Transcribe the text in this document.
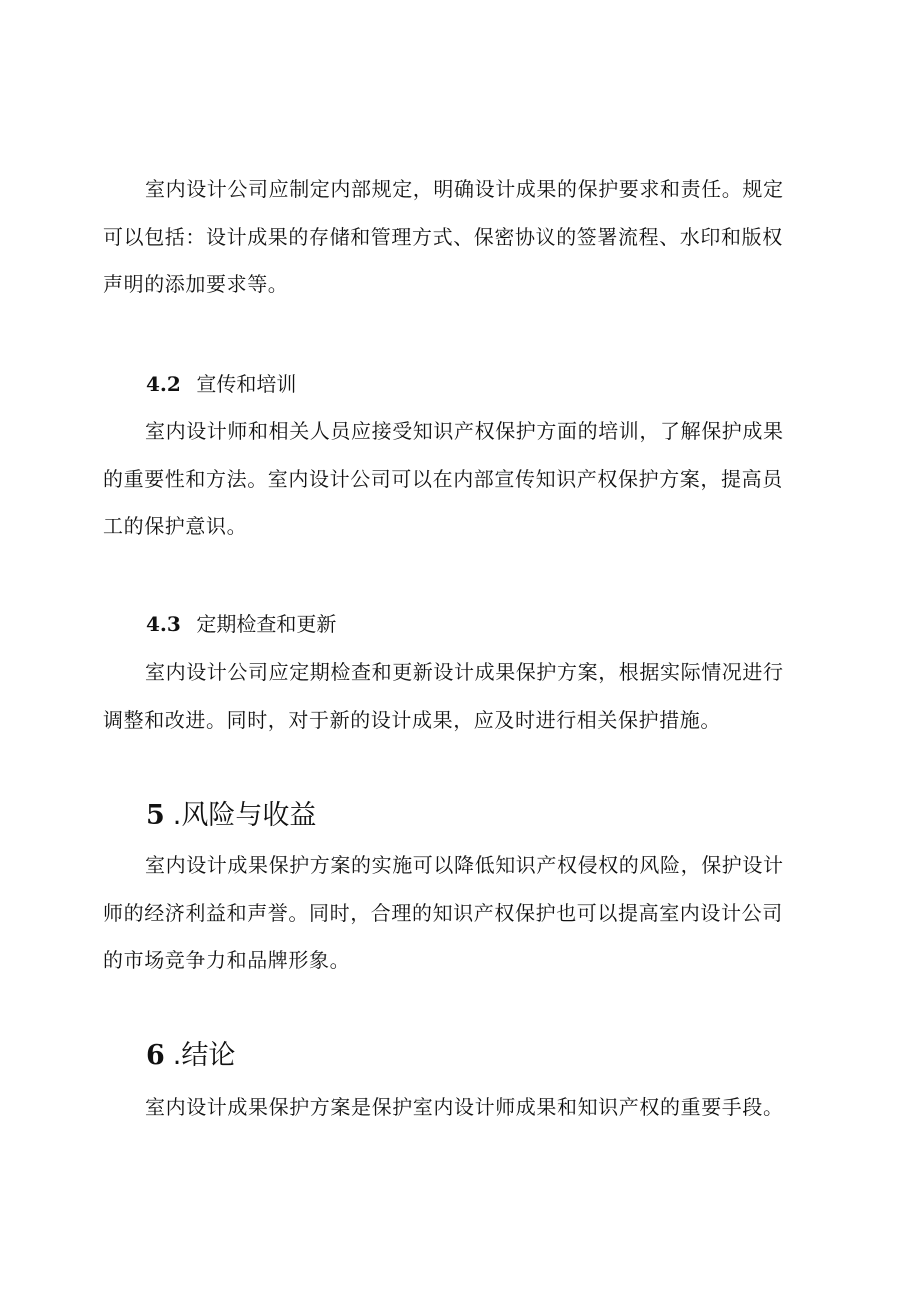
室内设计公司应制定内部规定，明确设计成果的保护要求和责任。规定
可以包括：设计成果的存储和管理方式、保密协议的签署流程、水印和版权
声明的添加要求等。

4.2 宣传和培训

室内设计师和相关人员应接受知识产权保护方面的培训，了解保护成果
的重要性和方法。室内设计公司可以在内部宣传知识产权保护方案，提高员
工的保护意识。

4.3 定期检查和更新

室内设计公司应定期检查和更新设计成果保护方案，根据实际情况进行
调整和改进。同时，对于新的设计成果，应及时进行相关保护措施。

5 .风险与收益

室内设计成果保护方案的实施可以降低知识产权侵权的风险，保护设计
师的经济利益和声誉。同时，合理的知识产权保护也可以提高室内设计公司
的市场竞争力和品牌形象。

6 .结论

室内设计成果保护方案是保护室内设计师成果和知识产权的重要手段。
